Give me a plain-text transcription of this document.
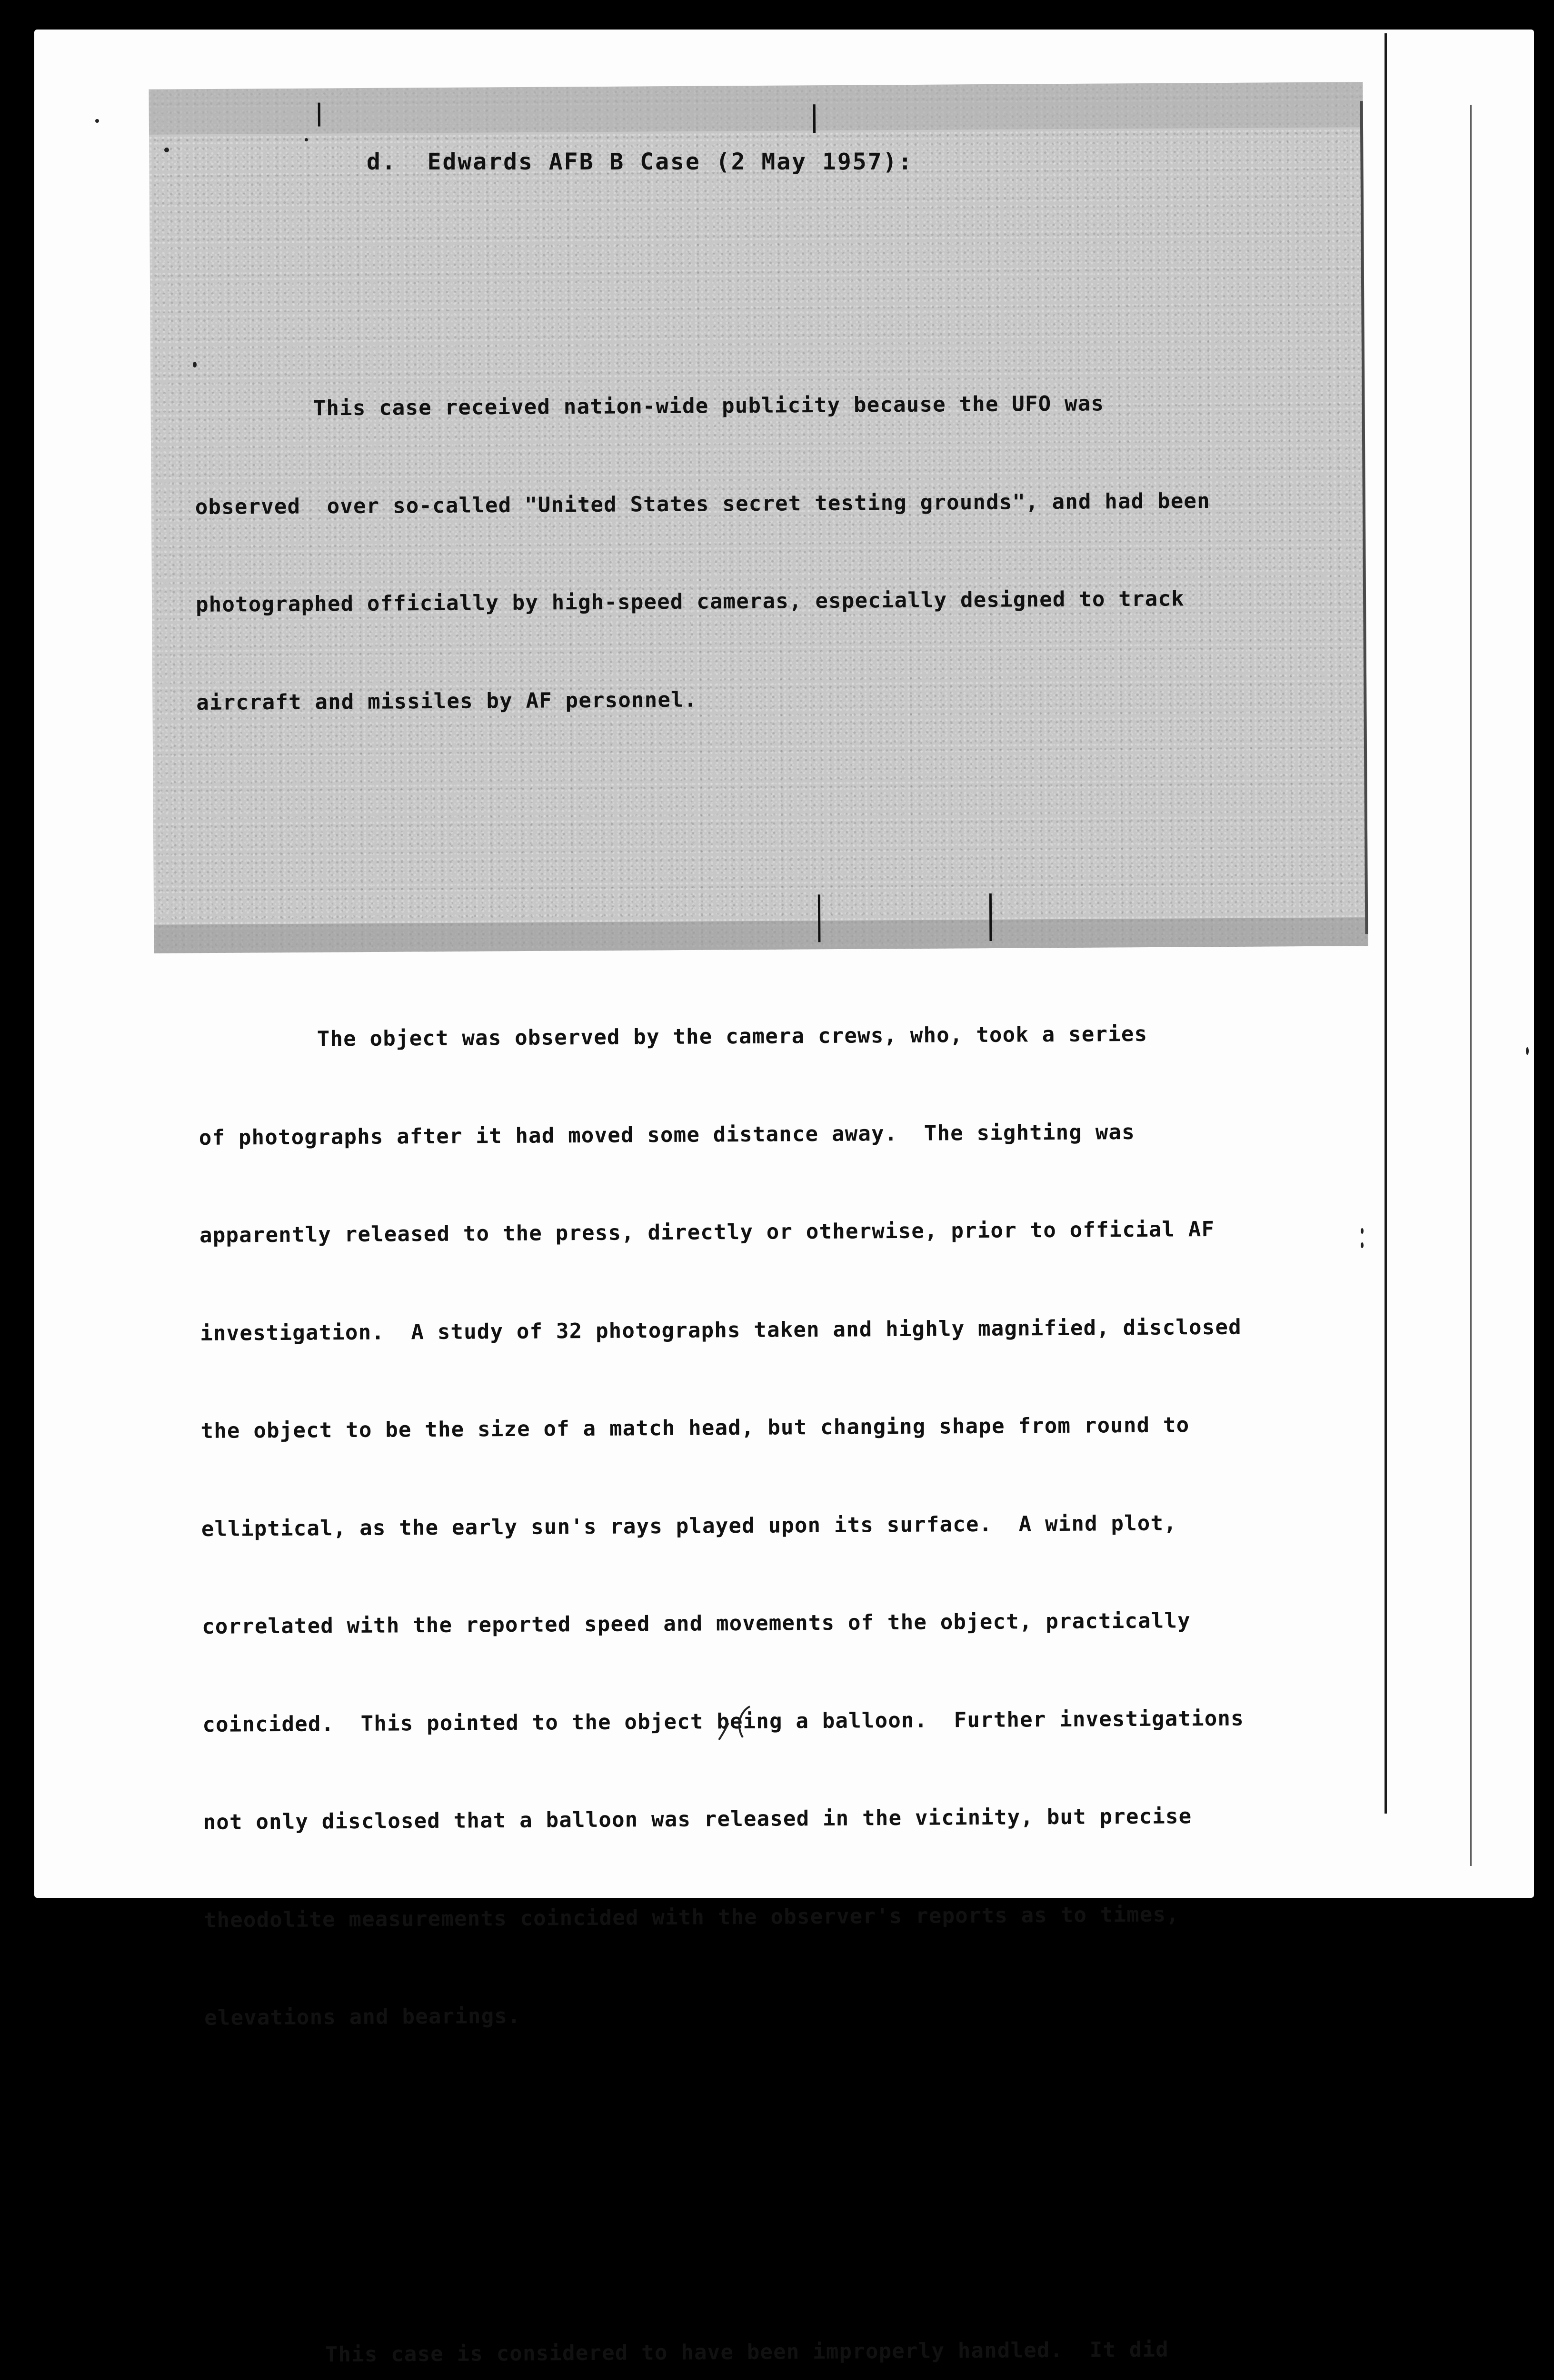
d.  Edwards AFB B Case (2 May 1957):

This case received nation-wide publicity because the UFO was

observed  over so-called "United States secret testing grounds", and had been

photographed officially by high-speed cameras, especially designed to track

aircraft and missiles by AF personnel.

The object was observed by the camera crews, who, took a series

of photographs after it had moved some distance away.  The sighting was

apparently released to the press, directly or otherwise, prior to official AF

investigation.  A study of 32 photographs taken and highly magnified, disclosed

the object to be the size of a match head, but changing shape from round to

elliptical, as the early sun's rays played upon its surface.  A wind plot,

correlated with the reported speed and movements of the object, practically

coincided.  This pointed to the object being a balloon.  Further investigations

not only disclosed that a balloon was released in the vicinity, but precise

theodolite measurements coincided with the observer's reports as to times,

elevations and bearings.

This case is considered to have been improperly handled.  It did
